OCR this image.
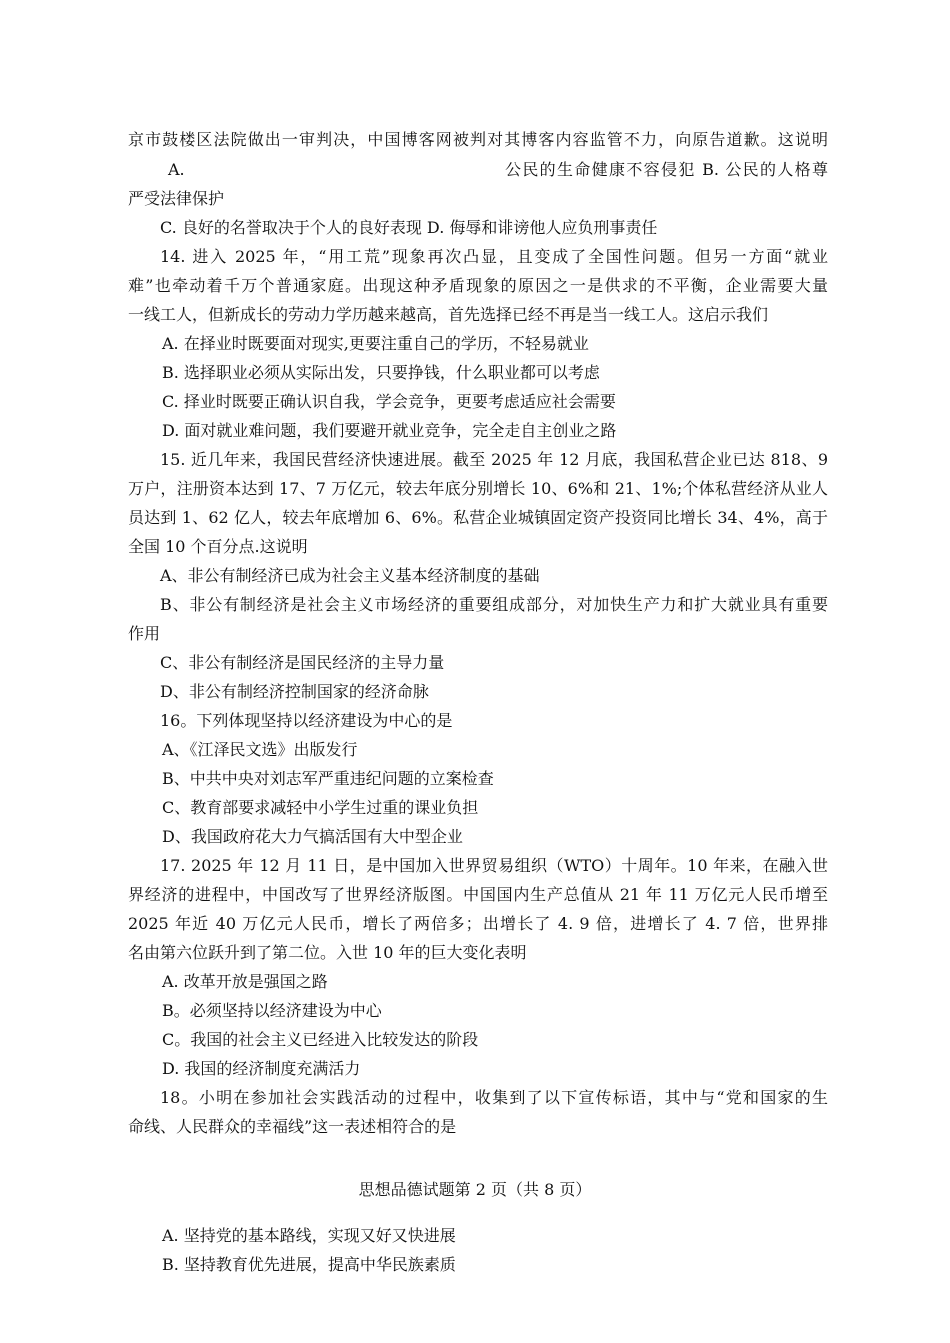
京市鼓楼区法院做出一审判决，中国博客网被判对其博客内容监管不力，向原告道歉。这说明
A.	公民的生命健康不容侵犯 B. 公民的人格尊
严受法律保护
C. 良好的名誉取决于个人的良好表现 D. 侮辱和诽谤他人应负刑事责任
14. 进入 2025 年，“用工荒”现象再次凸显，且变成了全国性问题。但另一方面“就业
难”也牵动着千万个普通家庭。出现这种矛盾现象的原因之一是供求的不平衡，企业需要大量
一线工人，但新成长的劳动力学历越来越高，首先选择已经不再是当一线工人。这启示我们
A. 在择业时既要面对现实,更要注重自己的学历，不轻易就业
B. 选择职业必须从实际出发，只要挣钱，什么职业都可以考虑
C. 择业时既要正确认识自我，学会竞争，更要考虑适应社会需要
D. 面对就业难问题，我们要避开就业竞争，完全走自主创业之路
15. 近几年来，我国民营经济快速进展。截至 2025 年 12 月底，我国私营企业已达 818、9
万户，注册资本达到 17、7 万亿元，较去年底分别增长 10、6%和 21、1%;个体私营经济从业人
员达到 1、62 亿人，较去年底增加 6、6%。私营企业城镇固定资产投资同比增长 34、4%，高于
全国 10 个百分点.这说明
A、非公有制经济已成为社会主义基本经济制度的基础
B、非公有制经济是社会主义市场经济的重要组成部分，对加快生产力和扩大就业具有重要
作用
C、非公有制经济是国民经济的主导力量
D、非公有制经济控制国家的经济命脉
16。下列体现坚持以经济建设为中心的是
A、《江泽民文选》出版发行
B、中共中央对刘志军严重违纪问题的立案检查
C、教育部要求减轻中小学生过重的课业负担
D、我国政府花大力气搞活国有大中型企业
17. 2025 年 12 月 11 日，是中国加入世界贸易组织（WTO）十周年。10 年来，在融入世
界经济的进程中，中国改写了世界经济版图。中国国内生产总值从 21 年 11 万亿元人民币增至
2025 年近 40 万亿元人民币，增长了两倍多；出增长了 4. 9 倍，进增长了 4. 7 倍，世界排
名由第六位跃升到了第二位。入世 10 年的巨大变化表明
A. 改革开放是强国之路
B。必须坚持以经济建设为中心
C。我国的社会主义已经进入比较发达的阶段
D. 我国的经济制度充满活力
18。小明在参加社会实践活动的过程中，收集到了以下宣传标语，其中与“党和国家的生
命线、人民群众的幸福线”这一表述相符合的是
思想品德试题第 2 页（共 8 页）
A. 坚持党的基本路线，实现又好又快进展
B. 坚持教育优先进展，提高中华民族素质
